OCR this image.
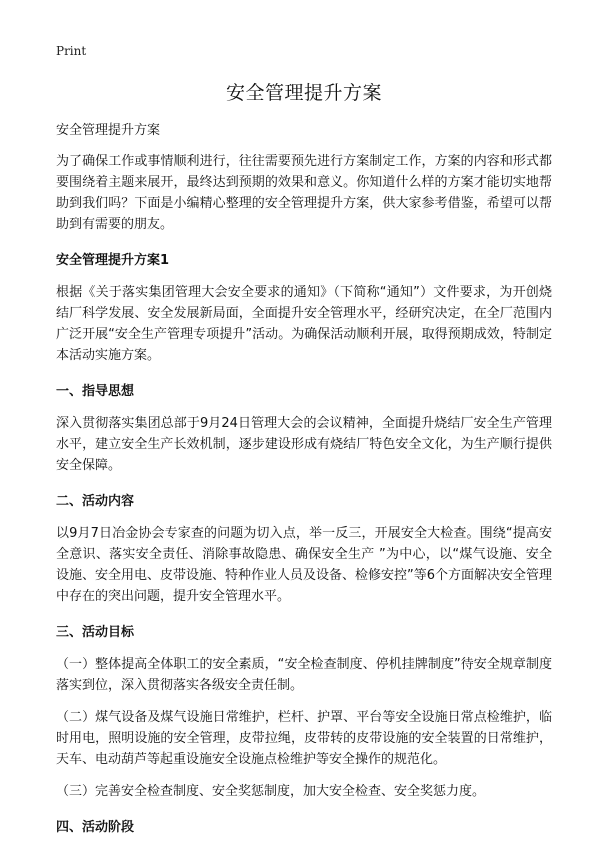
Print
安全管理提升方案
安全管理提升方案

为了确保工作或事情顺利进行，往往需要预先进行方案制定工作，方案的内容和形式都要围绕着主题来展开，最终达到预期的效果和意义。你知道什么样的方案才能切实地帮助到我们吗？下面是小编精心整理的安全管理提升方案，供大家参考借鉴，希望可以帮助到有需要的朋友。

安全管理提升方案1

根据《关于落实集团管理大会安全要求的通知》（下简称“通知”）文件要求，为开创烧结厂科学发展、安全发展新局面，全面提升安全管理水平，经研究决定，在全厂范围内广泛开展“安全生产管理专项提升”活动。为确保活动顺利开展，取得预期成效，特制定本活动实施方案。

一、指导思想

深入贯彻落实集团总部于9月24日管理大会的会议精神，全面提升烧结厂安全生产管理水平，建立安全生产长效机制，逐步建设形成有烧结厂特色安全文化，为生产顺行提供安全保障。

二、活动内容

以9月7日冶金协会专家查的问题为切入点，举一反三，开展安全大检查。围绕“提高安全意识、落实安全责任、消除事故隐患、确保安全生产 ”为中心，以“煤气设施、安全设施、安全用电、皮带设施、特种作业人员及设备、检修安控”等6个方面解决安全管理中存在的突出问题，提升安全管理水平。

三、活动目标

（一）整体提高全体职工的安全素质，“安全检查制度、停机挂牌制度”待安全规章制度落实到位，深入贯彻落实各级安全责任制。

（二）煤气设备及煤气设施日常维护，栏杆、护罩、平台等安全设施日常点检维护，临时用电，照明设施的安全管理，皮带拉绳，皮带转的皮带设施的安全装置的日常维护，天车、电动葫芦等起重设施安全设施点检维护等安全操作的规范化。

（三）完善安全检查制度、安全奖惩制度，加大安全检查、安全奖惩力度。

四、活动阶段
